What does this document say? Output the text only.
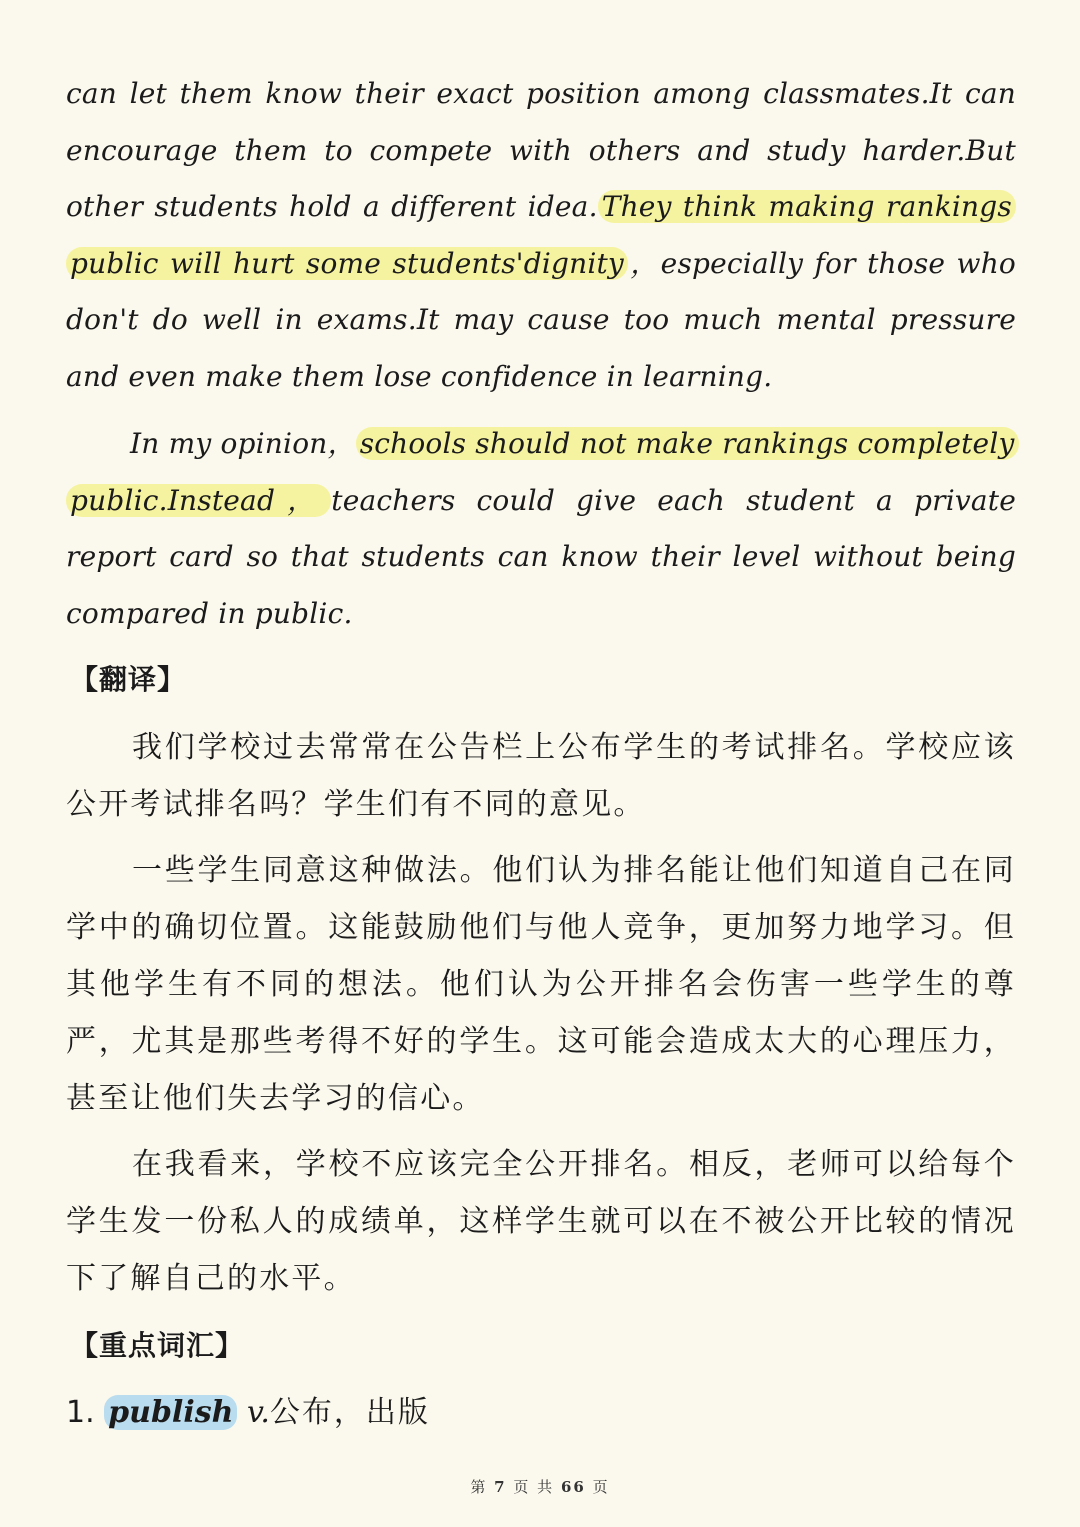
can let them know their exact position among classmates.It can encourage them to compete with others and study harder.But other students hold a different idea. They think making rankings public will hurt some students'dignity ，especially for those who don't do well in exams.It may cause too much mental pressure and even make them lose confidence in learning.

In my opinion， schools should not make rankings completely public.Instead， teachers could give each student a private report card so that students can know their level without being compared in public.

【翻译】

我们学校过去常常在公告栏上公布学生的考试排名。学校应该公开考试排名吗？学生们有不同的意见。

一些学生同意这种做法。他们认为排名能让他们知道自己在同学中的确切位置。这能鼓励他们与他人竞争，更加努力地学习。但其他学生有不同的想法。他们认为公开排名会伤害一些学生的尊严，尤其是那些考得不好的学生。这可能会造成太大的心理压力，甚至让他们失去学习的信心。

在我看来，学校不应该完全公开排名。相反，老师可以给每个学生发一份私人的成绩单，这样学生就可以在不被公开比较的情况下了解自己的水平。

【重点词汇】

1. publish v.公布，出版

第 7 页 共 66 页
